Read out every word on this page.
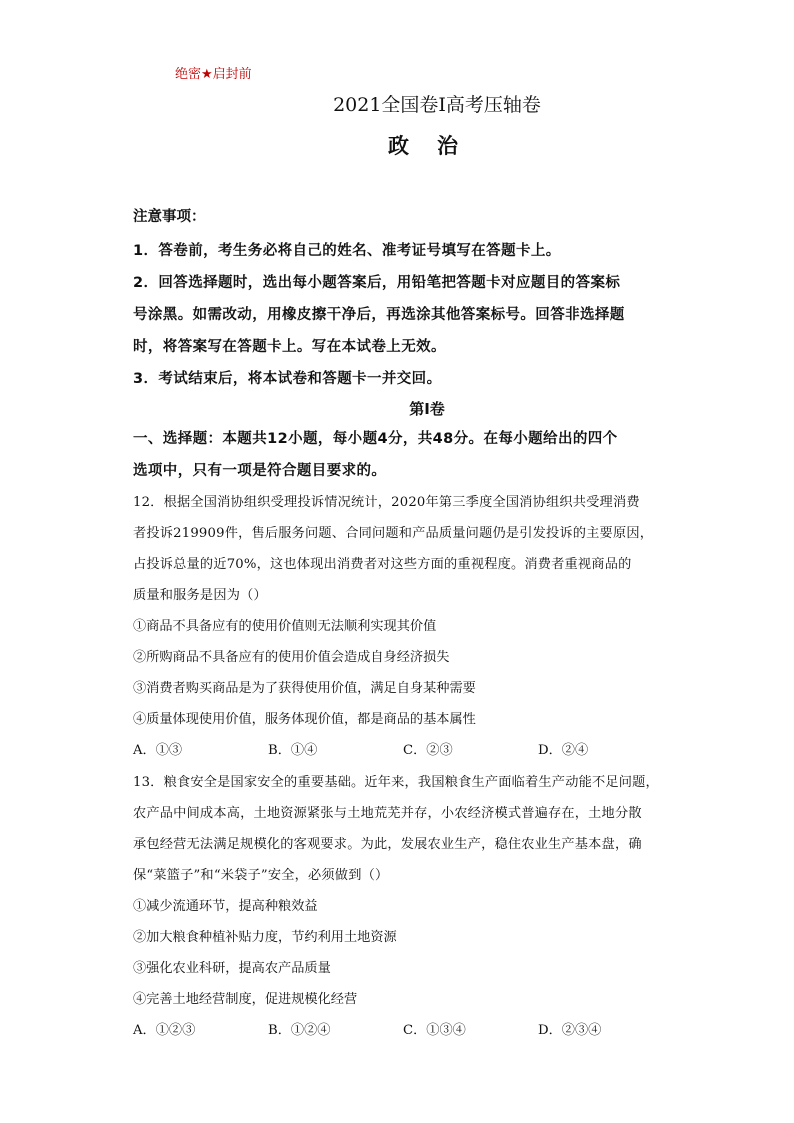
绝密★启封前
2021全国卷Ⅰ高考压轴卷
政治
注意事项：
1．答卷前，考生务必将自己的姓名、准考证号填写在答题卡上。
2．回答选择题时，选出每小题答案后，用铅笔把答题卡对应题目的答案标
号涂黑。如需改动，用橡皮擦干净后，再选涂其他答案标号。回答非选择题
时，将答案写在答题卡上。写在本试卷上无效。
3．考试结束后，将本试卷和答题卡一并交回。
第Ⅰ卷
一、选择题：本题共12小题，每小题4分，共48分。在每小题给出的四个
选项中，只有一项是符合题目要求的。
12．根据全国消协组织受理投诉情况统计，2020年第三季度全国消协组织共受理消费
者投诉219909件，售后服务问题、合同问题和产品质量问题仍是引发投诉的主要原因，
占投诉总量的近70%，这也体现出消费者对这些方面的重视程度。消费者重视商品的
质量和服务是因为（）
①商品不具备应有的使用价值则无法顺利实现其价值
②所购商品不具备应有的使用价值会造成自身经济损失
③消费者购买商品是为了获得使用价值，满足自身某种需要
④质量体现使用价值，服务体现价值，都是商品的基本属性
A．①③	B．①④	C．②③	D．②④
13．粮食安全是国家安全的重要基础。近年来，我国粮食生产面临着生产动能不足问题，
农产品中间成本高，土地资源紧张与土地荒芜并存，小农经济模式普遍存在，土地分散
承包经营无法满足规模化的客观要求。为此，发展农业生产，稳住农业生产基本盘，确
保“菜篮子”和“米袋子”安全，必须做到（）
①减少流通环节，提高种粮效益
②加大粮食种植补贴力度，节约利用土地资源
③强化农业科研，提高农产品质量
④完善土地经营制度，促进规模化经营
A．①②③	B．①②④	C．①③④	D．②③④
